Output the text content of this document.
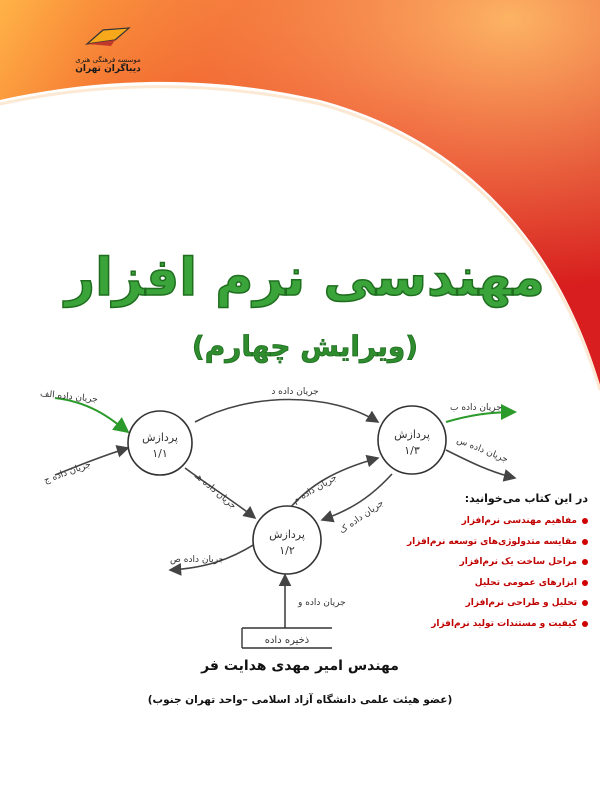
موسسه فرهنگی هنری
دیباگران تهران
مهندسی نرم افزار
(ویرایش چهارم)
پردازش
۱/۱
پردازش
۱/۳
پردازش
۱/۲
ذخیره داده
جریان داده الف
جریان داده ج
جریان داده د
جریان داده هـ	جریان داده م
جریان داده ک
جریان داده ب
جریان داده س
جریان داده ص
جریان داده و
در این کتاب می‌خوانید:
مفاهیم مهندسی نرم‌افزار
مقایسه متدولوژی‌های توسعه نرم‌افزار
مراحل ساخت یک نرم‌افزار
ابزارهای عمومی تحلیل
تحلیل و طراحی نرم‌افزار
کیفیت و مستندات تولید نرم‌افزار
مهندس امیر مهدی هدایت فر
(عضو هیئت علمی دانشگاه آزاد اسلامی –واحد تهران جنوب)
